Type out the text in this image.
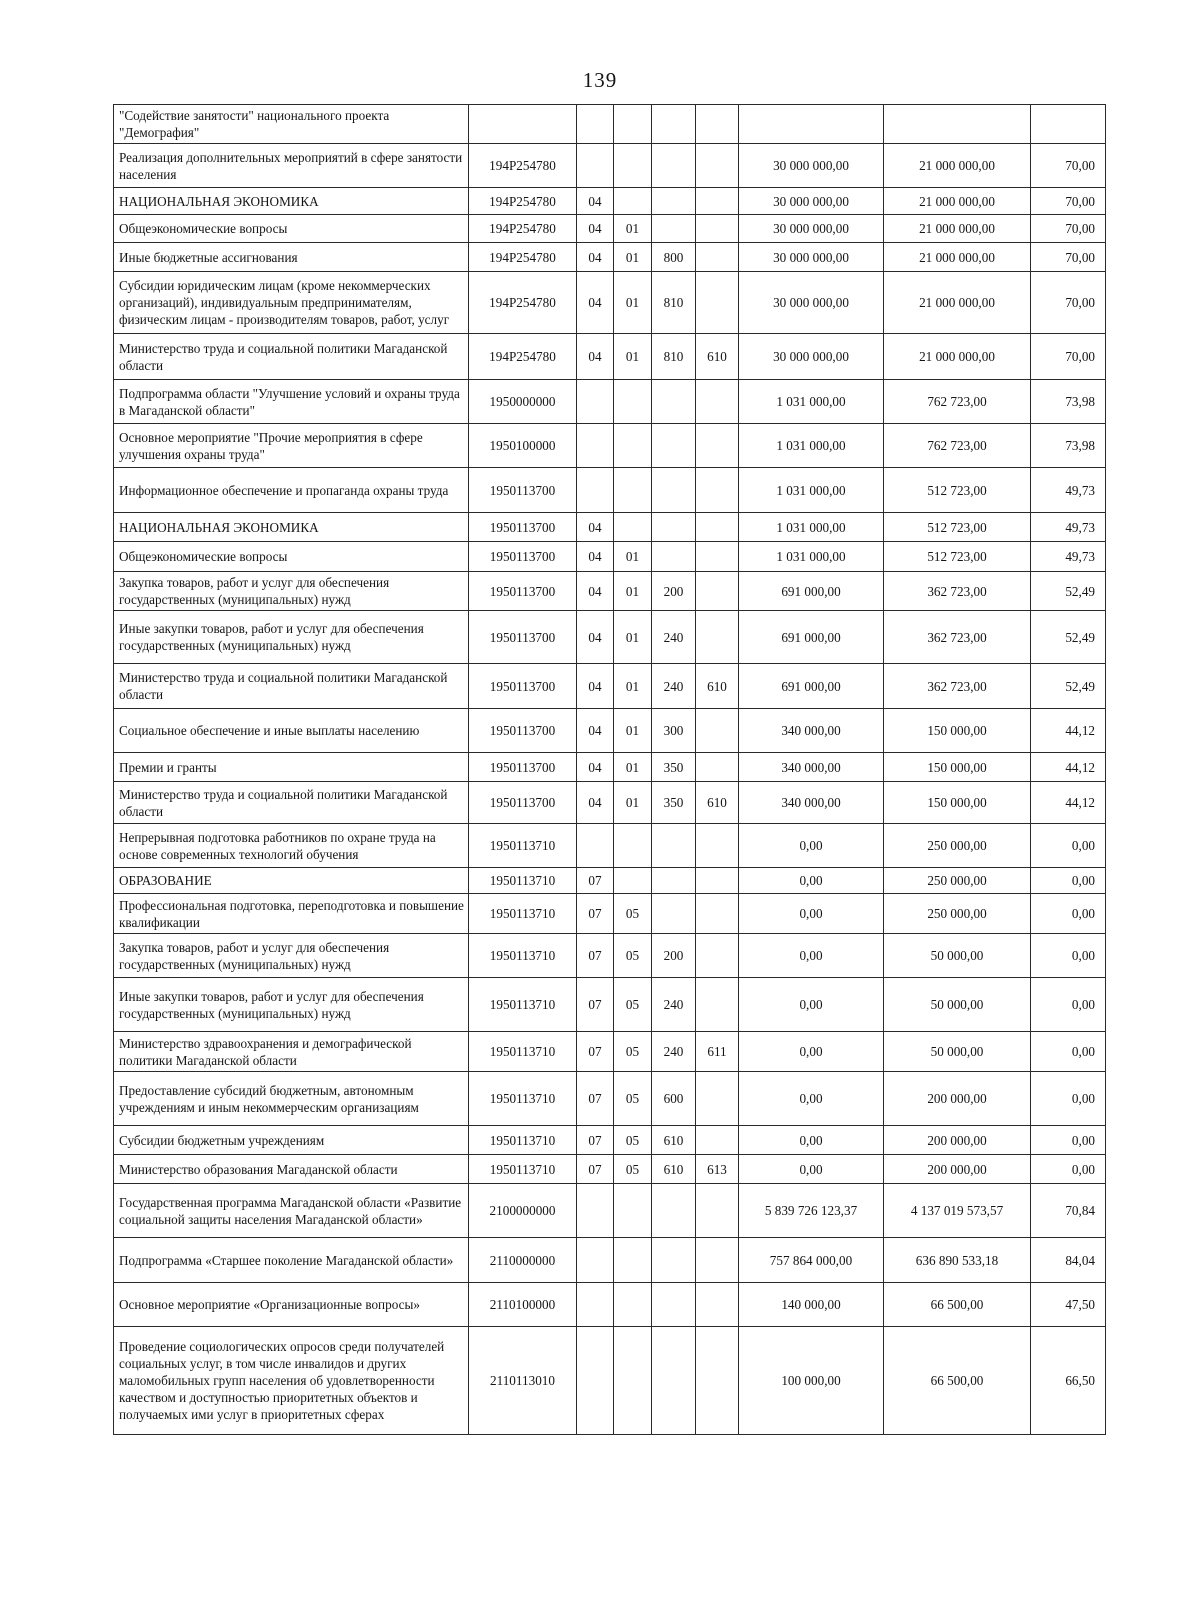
139
"Содействие занятости" национального проекта "Демография"								
Реализация дополнительных мероприятий в сфере занятости населения	194P254780					30 000 000,00	21 000 000,00	70,00
НАЦИОНАЛЬНАЯ ЭКОНОМИКА	194P254780	04				30 000 000,00	21 000 000,00	70,00
Общеэкономические вопросы	194P254780	04	01			30 000 000,00	21 000 000,00	70,00
Иные бюджетные ассигнования	194P254780	04	01	800		30 000 000,00	21 000 000,00	70,00
Субсидии юридическим лицам (кроме некоммерческих организаций), индивидуальным предпринимателям, физическим лицам - производителям товаров, работ, услуг	194P254780	04	01	810		30 000 000,00	21 000 000,00	70,00
Министерство труда и социальной политики Магаданской области	194P254780	04	01	810	610	30 000 000,00	21 000 000,00	70,00
Подпрограмма области "Улучшение условий и охраны труда в Магаданской области"	1950000000					1 031 000,00	762 723,00	73,98
Основное мероприятие "Прочие мероприятия в сфере улучшения охраны труда"	1950100000					1 031 000,00	762 723,00	73,98
Информационное обеспечение и пропаганда охраны труда	1950113700					1 031 000,00	512 723,00	49,73
НАЦИОНАЛЬНАЯ ЭКОНОМИКА	1950113700	04				1 031 000,00	512 723,00	49,73
Общеэкономические вопросы	1950113700	04	01			1 031 000,00	512 723,00	49,73
Закупка товаров, работ и услуг для обеспечения государственных (муниципальных) нужд	1950113700	04	01	200		691 000,00	362 723,00	52,49
Иные закупки товаров, работ и услуг для обеспечения государственных (муниципальных) нужд	1950113700	04	01	240		691 000,00	362 723,00	52,49
Министерство труда и социальной политики Магаданской области	1950113700	04	01	240	610	691 000,00	362 723,00	52,49
Социальное обеспечение и иные выплаты населению	1950113700	04	01	300		340 000,00	150 000,00	44,12
Премии и гранты	1950113700	04	01	350		340 000,00	150 000,00	44,12
Министерство труда и социальной политики Магаданской области	1950113700	04	01	350	610	340 000,00	150 000,00	44,12
Непрерывная подготовка работников по охране труда на основе современных технологий обучения	1950113710					0,00	250 000,00	0,00
ОБРАЗОВАНИЕ	1950113710	07				0,00	250 000,00	0,00
Профессиональная подготовка, переподготовка и повышение квалификации	1950113710	07	05			0,00	250 000,00	0,00
Закупка товаров, работ и услуг для обеспечения государственных (муниципальных) нужд	1950113710	07	05	200		0,00	50 000,00	0,00
Иные закупки товаров, работ и услуг для обеспечения государственных (муниципальных) нужд	1950113710	07	05	240		0,00	50 000,00	0,00
Министерство здравоохранения и демографической политики Магаданской области	1950113710	07	05	240	611	0,00	50 000,00	0,00
Предоставление субсидий бюджетным, автономным учреждениям и иным некоммерческим организациям	1950113710	07	05	600		0,00	200 000,00	0,00
Субсидии бюджетным учреждениям	1950113710	07	05	610		0,00	200 000,00	0,00
Министерство образования Магаданской области	1950113710	07	05	610	613	0,00	200 000,00	0,00
Государственная программа Магаданской области «Развитие социальной защиты населения Магаданской области»	2100000000					5 839 726 123,37	4 137 019 573,57	70,84
Подпрограмма «Старшее поколение Магаданской области»	2110000000					757 864 000,00	636 890 533,18	84,04
Основное мероприятие «Организационные вопросы»	2110100000					140 000,00	66 500,00	47,50
Проведение социологических опросов среди получателей социальных услуг, в том числе инвалидов и других маломобильных групп населения об удовлетворенности качеством и доступностью приоритетных объектов и получаемых ими услуг в приоритетных сферах	2110113010					100 000,00	66 500,00	66,50
